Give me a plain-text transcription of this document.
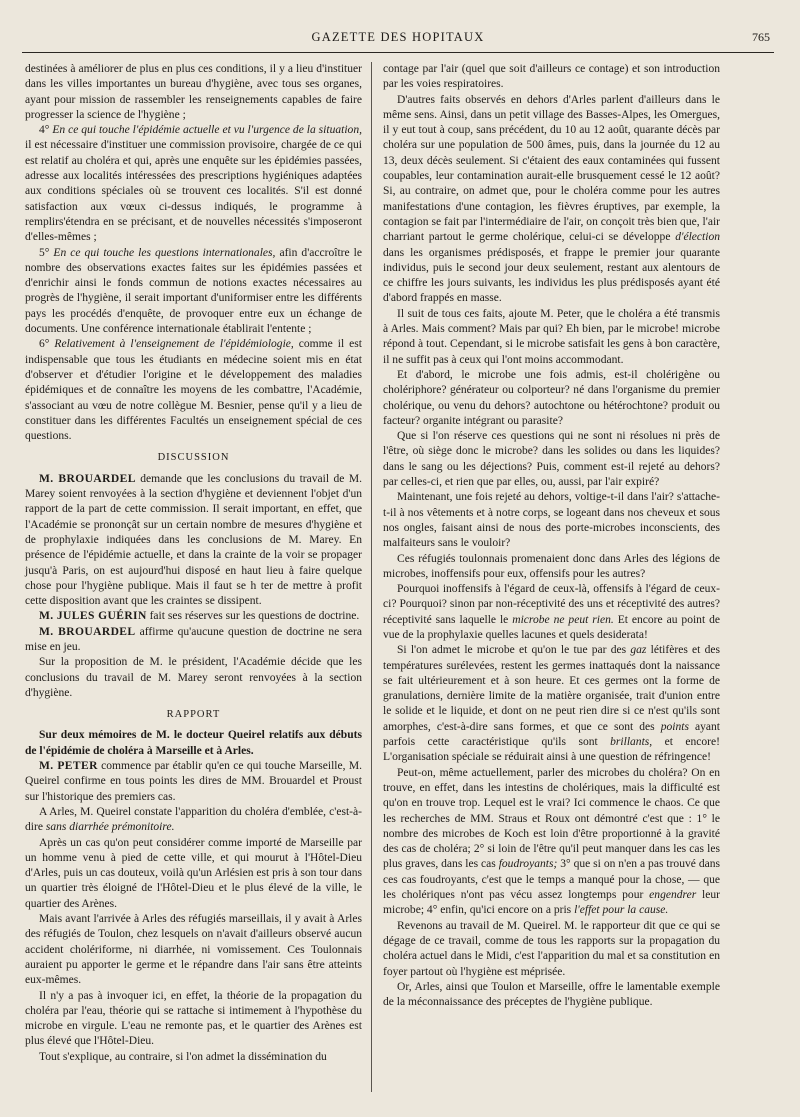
GAZETTE DES HOPITAUX	765

destinées à améliorer de plus en plus ces conditions, il y a lieu d'instituer dans les villes importantes un bureau d'hygiène, avec tous ses organes, ayant pour mission de rassembler les renseignements capables de faire progresser la science de l'hygiène ;

4° En ce qui touche l'épidémie actuelle et vu l'urgence de la situation, il est nécessaire d'instituer une commission provisoire, chargée de ce qui est relatif au choléra et qui, après une enquête sur les épidémies passées, adresse aux localités intéressées des prescriptions hygiéniques adaptées aux conditions spéciales où se trouvent ces localités. S'il est donné satisfaction aux vœux ci-dessus indiqués, le programme à remplirs'étendra en se précisant, et de nouvelles nécessités s'imposeront d'elles-mêmes ;

5° En ce qui touche les questions internationales, afin d'accroître le nombre des observations exactes faites sur les épidémies passées et d'enrichir ainsi le fonds commun de notions exactes nécessaires au progrès de l'hygiène, il serait important d'uniformiser entre les différents pays les procédés d'enquête, de provoquer entre eux un échange de documents. Une conférence internationale établirait l'entente ;

6° Relativement à l'enseignement de l'épidémiologie, comme il est indispensable que tous les étudiants en médecine soient mis en état d'observer et d'étudier l'origine et le développement des maladies épidémiques et de connaître les moyens de les combattre, l'Académie, s'associant au vœu de notre collègue M. Besnier, pense qu'il y a lieu de constituer dans les différentes Facultés un enseignement spécial de ces questions.

DISCUSSION

M. BROUARDEL demande que les conclusions du travail de M. Marey soient renvoyées à la section d'hygiène et deviennent l'objet d'un rapport de la part de cette commission. Il serait important, en effet, que l'Académie se prononçât sur un certain nombre de mesures d'hygiène et de prophylaxie indiquées dans les conclusions de M. Marey. En présence de l'épidémie actuelle, et dans la crainte de la voir se propager jusqu'à Paris, on est aujourd'hui disposé en haut lieu à faire quelque chose pour l'hygiène publique. Mais il faut se h ter de mettre à profit cette disposition avant que les craintes se dissipent.

M. JULES GUÉRIN fait ses réserves sur les questions de doctrine.

M. BROUARDEL affirme qu'aucune question de doctrine ne sera mise en jeu.

Sur la proposition de M. le président, l'Académie décide que les conclusions du travail de M. Marey seront renvoyées à la section d'hygiène.

RAPPORT

Sur deux mémoires de M. le docteur Queirel relatifs aux débuts de l'épidémie de choléra à Marseille et à Arles.

M. PETER commence par établir qu'en ce qui touche Marseille, M. Queirel confirme en tous points les dires de MM. Brouardel et Proust sur l'historique des premiers cas.

A Arles, M. Queirel constate l'apparition du choléra d'emblée, c'est-à-dire sans diarrhée prémonitoire.

Après un cas qu'on peut considérer comme importé de Marseille par un homme venu à pied de cette ville, et qui mourut à l'Hôtel-Dieu d'Arles, puis un cas douteux, voilà qu'un Arlésien est pris à son tour dans un quartier très éloigné de l'Hôtel-Dieu et le plus élevé de la ville, le quartier des Arènes.

Mais avant l'arrivée à Arles des réfugiés marseillais, il y avait à Arles des réfugiés de Toulon, chez lesquels on n'avait d'ailleurs observé aucun accident cholériforme, ni diarrhée, ni vomissement. Ces Toulonnais auraient pu apporter le germe et le répandre dans l'air sans être atteints eux-mêmes.

Il n'y a pas à invoquer ici, en effet, la théorie de la propagation du choléra par l'eau, théorie qui se rattache si intimement à l'hypothèse du microbe en virgule. L'eau ne remonte pas, et le quartier des Arènes est plus élevé que l'Hôtel-Dieu.

Tout s'explique, au contraire, si l'on admet la dissémination du

contage par l'air (quel que soit d'ailleurs ce contage) et son introduction par les voies respiratoires.

D'autres faits observés en dehors d'Arles parlent d'ailleurs dans le même sens. Ainsi, dans un petit village des Basses-Alpes, les Omergues, il y eut tout à coup, sans précédent, du 10 au 12 août, quarante décès par choléra sur une population de 500 âmes, puis, dans la journée du 12 au 13, deux décès seulement. Si c'étaient des eaux contaminées qui fussent coupables, leur contamination aurait-elle brusquement cessé le 12 août? Si, au contraire, on admet que, pour le choléra comme pour les autres manifestations d'une contagion, les fièvres éruptives, par exemple, la contagion se fait par l'intermédiaire de l'air, on conçoit très bien que, l'air charriant partout le germe cholérique, celui-ci se développe d'élection dans les organismes prédisposés, et frappe le premier jour quarante individus, puis le second jour deux seulement, restant aux alentours de ce chiffre les jours suivants, les individus les plus prédisposés ayant été d'abord frappés en masse.

Il suit de tous ces faits, ajoute M. Peter, que le choléra a été transmis à Arles. Mais comment? Mais par qui? Eh bien, par le microbe! microbe répond à tout. Cependant, si le microbe satisfait les gens à bon caractère, il ne suffit pas à ceux qui l'ont moins accommodant.

Et d'abord, le microbe une fois admis, est-il cholérigène ou cholériphore? générateur ou colporteur? né dans l'organisme du premier cholérique, ou venu du dehors? autochtone ou hétérochtone? produit ou facteur? organite intégrant ou parasite?

Que si l'on réserve ces questions qui ne sont ni résolues ni près de l'être, où siège donc le microbe? dans les solides ou dans les liquides? dans le sang ou les déjections? Puis, comment est-il rejeté au dehors? par celles-ci, et rien que par elles, ou, aussi, par l'air expiré?

Maintenant, une fois rejeté au dehors, voltige-t-il dans l'air? s'attache-t-il à nos vêtements et à notre corps, se logeant dans nos cheveux et sous nos ongles, faisant ainsi de nous des porte-microbes inconscients, des malfaiteurs sans le vouloir?

Ces réfugiés toulonnais promenaient donc dans Arles des légions de microbes, inoffensifs pour eux, offensifs pour les autres?

Pourquoi inoffensifs à l'égard de ceux-là, offensifs à l'égard de ceux-ci? Pourquoi? sinon par non-réceptivité des uns et réceptivité des autres? réceptivité sans laquelle le microbe ne peut rien. Et encore au point de vue de la prophylaxie quelles lacunes et quels desiderata!

Si l'on admet le microbe et qu'on le tue par des gaz létifères et des températures surélevées, restent les germes inattaqués dont la naissance se fait ultérieurement et à son heure. Et ces germes ont la forme de granulations, dernière limite de la matière organisée, trait d'union entre le solide et le liquide, et dont on ne peut rien dire si ce n'est qu'ils sont amorphes, c'est-à-dire sans formes, et que ce sont des points ayant parfois cette caractéristique qu'ils sont brillants, et encore! L'organisation spéciale se réduirait ainsi à une question de réfringence!

Peut-on, même actuellement, parler des microbes du choléra? On en trouve, en effet, dans les intestins de cholériques, mais la difficulté est qu'on en trouve trop. Lequel est le vrai? Ici commence le chaos. Ce que les recherches de MM. Straus et Roux ont démontré c'est que : 1° le nombre des microbes de Koch est loin d'être proportionné à la gravité des cas de choléra; 2° si loin de l'être qu'il peut manquer dans les cas les plus graves, dans les cas foudroyants; 3° que si on n'en a pas trouvé dans ces cas foudroyants, c'est que le temps a manqué pour la chose, — que les cholériques n'ont pas vécu assez longtemps pour engendrer leur microbe; 4° enfin, qu'ici encore on a pris l'effet pour la cause.

Revenons au travail de M. Queirel. M. le rapporteur dit que ce qui se dégage de ce travail, comme de tous les rapports sur la propagation du choléra actuel dans le Midi, c'est l'apparition du mal et sa constitution en foyer partout où l'hygiène est méprisée.

Or, Arles, ainsi que Toulon et Marseille, offre le lamentable exemple de la méconnaissance des préceptes de l'hygiène publique.
